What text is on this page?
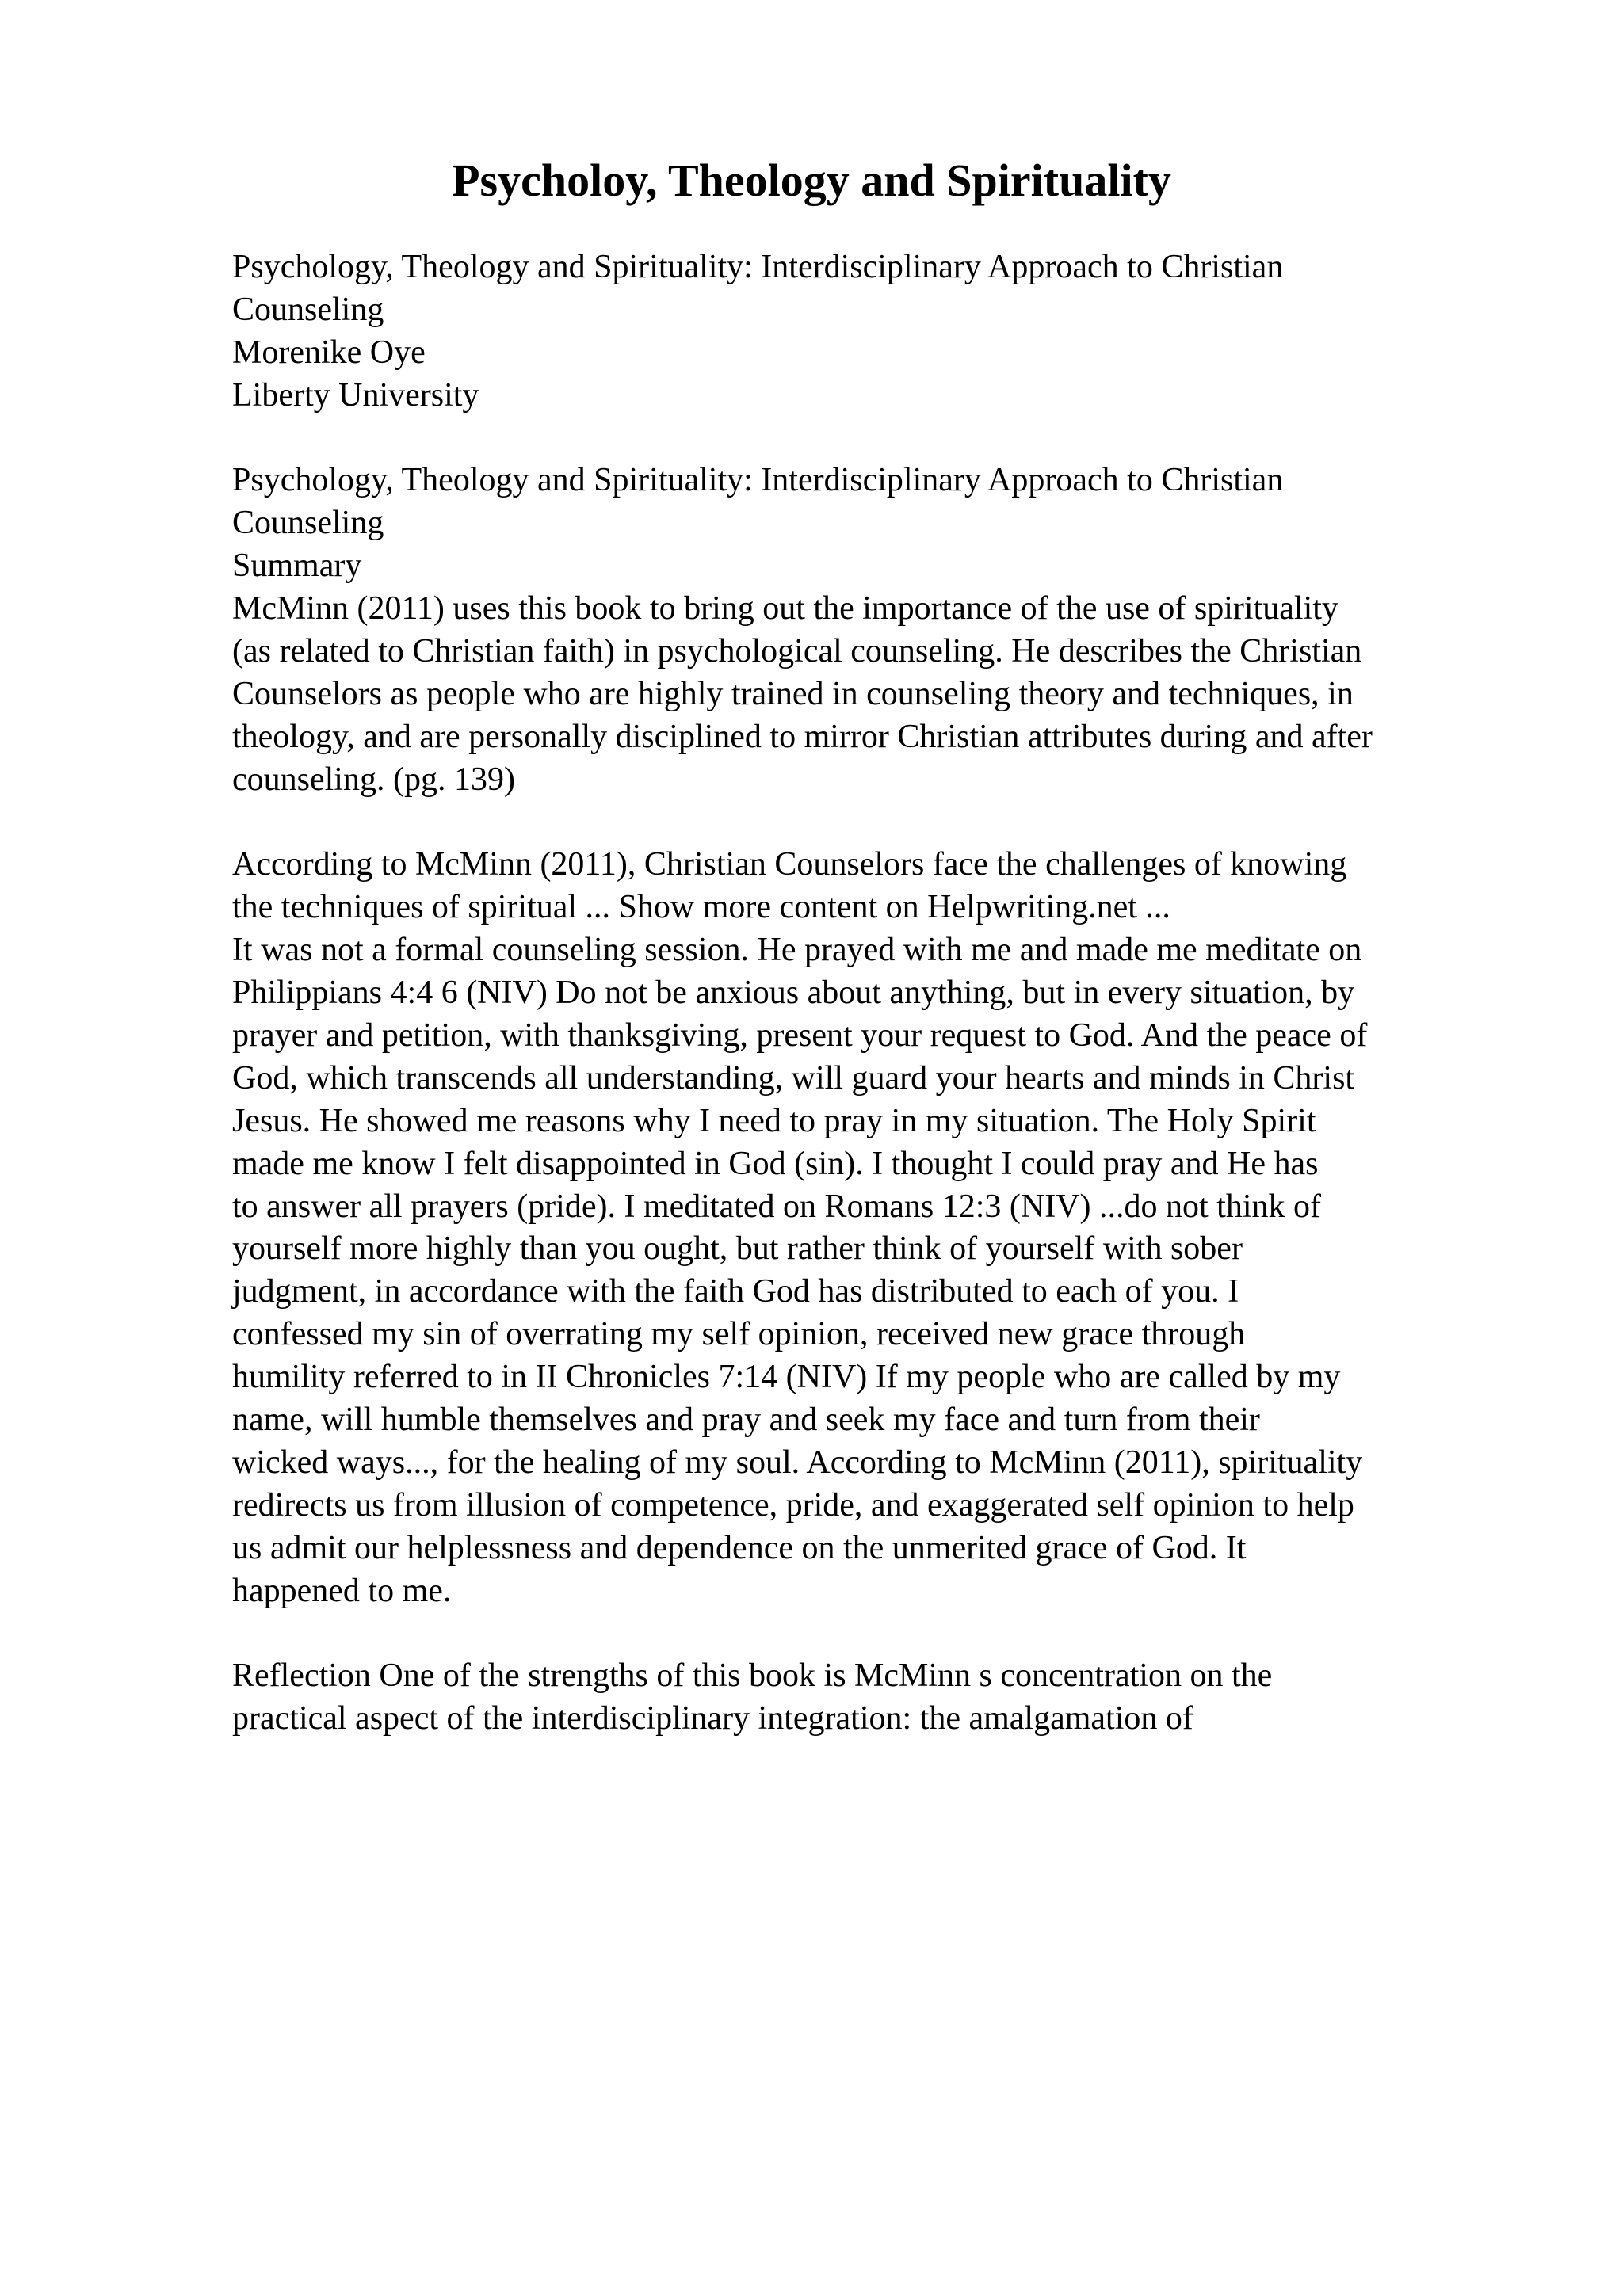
Psycholoy, Theology and Spirituality
Psychology, Theology and Spirituality: Interdisciplinary Approach to Christian
Counseling
Morenike Oye
Liberty University
Psychology, Theology and Spirituality: Interdisciplinary Approach to Christian
Counseling
Summary
McMinn (2011) uses this book to bring out the importance of the use of spirituality
(as related to Christian faith) in psychological counseling. He describes the Christian
Counselors as people who are highly trained in counseling theory and techniques, in
theology, and are personally disciplined to mirror Christian attributes during and after
counseling. (pg. 139)
According to McMinn (2011), Christian Counselors face the challenges of knowing
the techniques of spiritual ... Show more content on Helpwriting.net ...
It was not a formal counseling session. He prayed with me and made me meditate on
Philippians 4:4 6 (NIV) Do not be anxious about anything, but in every situation, by
prayer and petition, with thanksgiving, present your request to God. And the peace of
God, which transcends all understanding, will guard your hearts and minds in Christ
Jesus. He showed me reasons why I need to pray in my situation. The Holy Spirit
made me know I felt disappointed in God (sin). I thought I could pray and He has
to answer all prayers (pride). I meditated on Romans 12:3 (NIV) ...do not think of
yourself more highly than you ought, but rather think of yourself with sober
judgment, in accordance with the faith God has distributed to each of you. I
confessed my sin of overrating my self opinion, received new grace through
humility referred to in II Chronicles 7:14 (NIV) If my people who are called by my
name, will humble themselves and pray and seek my face and turn from their
wicked ways..., for the healing of my soul. According to McMinn (2011), spirituality
redirects us from illusion of competence, pride, and exaggerated self opinion to help
us admit our helplessness and dependence on the unmerited grace of God. It
happened to me.
Reflection One of the strengths of this book is McMinn s concentration on the
practical aspect of the interdisciplinary integration: the amalgamation of
